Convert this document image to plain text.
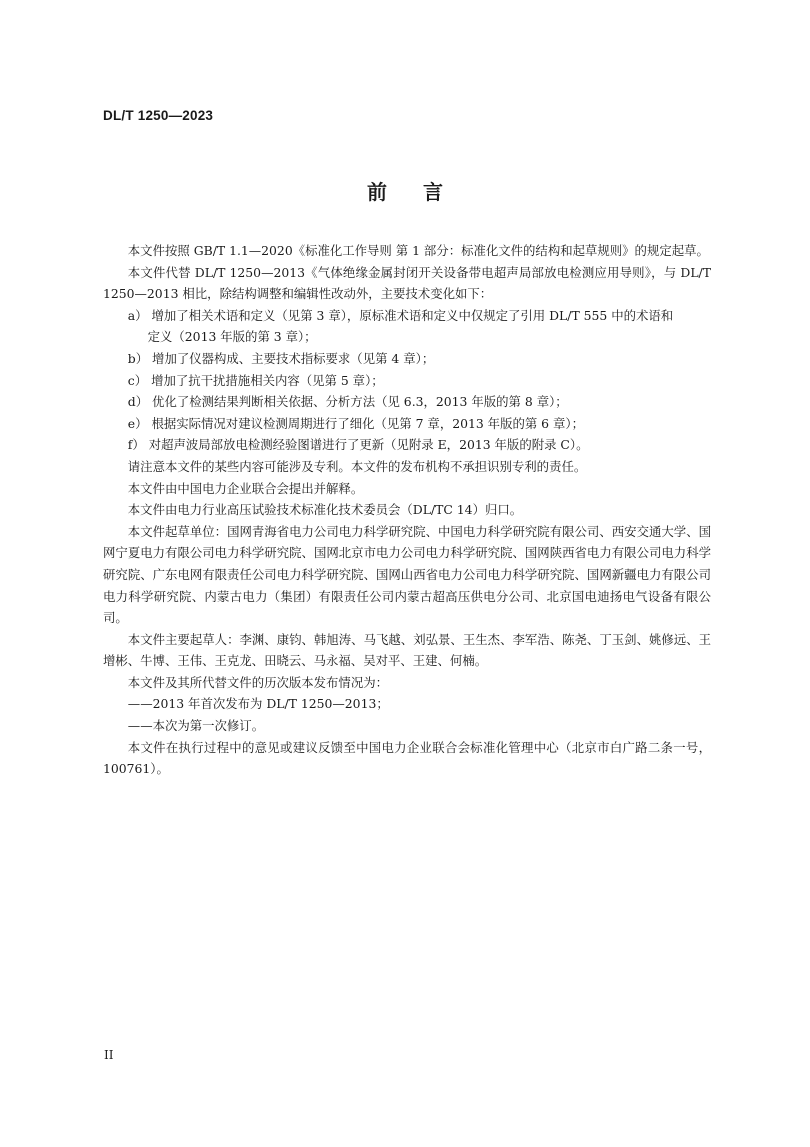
DL/T 1250—2023
前言

本文件按照 GB/T 1.1—2020《标准化工作导则 第 1 部分：标准化文件的结构和起草规则》的规定起草。

本文件代替 DL/T 1250—2013《气体绝缘金属封闭开关设备带电超声局部放电检测应用导则》，与 DL/T 1250—2013 相比，除结构调整和编辑性改动外，主要技术变化如下：

a） 增加了相关术语和定义（见第 3 章），原标准术语和定义中仅规定了引用 DL/T 555 中的术语和

定义（2013 年版的第 3 章）；

b） 增加了仪器构成、主要技术指标要求（见第 4 章）；

c） 增加了抗干扰措施相关内容（见第 5 章）；

d） 优化了检测结果判断相关依据、分析方法（见 6.3，2013 年版的第 8 章）；

e） 根据实际情况对建议检测周期进行了细化（见第 7 章，2013 年版的第 6 章）；

f） 对超声波局部放电检测经验图谱进行了更新（见附录 E，2013 年版的附录 C）。

请注意本文件的某些内容可能涉及专利。本文件的发布机构不承担识别专利的责任。

本文件由中国电力企业联合会提出并解释。

本文件由电力行业高压试验技术标准化技术委员会（DL/TC 14）归口。

本文件起草单位：国网青海省电力公司电力科学研究院、中国电力科学研究院有限公司、西安交通大学、国网宁夏电力有限公司电力科学研究院、国网北京市电力公司电力科学研究院、国网陕西省电力有限公司电力科学研究院、广东电网有限责任公司电力科学研究院、国网山西省电力公司电力科学研究院、国网新疆电力有限公司电力科学研究院、内蒙古电力（集团）有限责任公司内蒙古超高压供电分公司、北京国电迪扬电气设备有限公司。

本文件主要起草人：李渊、康钧、韩旭涛、马飞越、刘弘景、王生杰、李军浩、陈尧、丁玉剑、姚修远、王增彬、牛博、王伟、王克龙、田晓云、马永福、吴对平、王建、何楠。

本文件及其所代替文件的历次版本发布情况为：

——2013 年首次发布为 DL/T 1250—2013；

——本次为第一次修订。

本文件在执行过程中的意见或建议反馈至中国电力企业联合会标准化管理中心（北京市白广路二条一号，100761）。

II
